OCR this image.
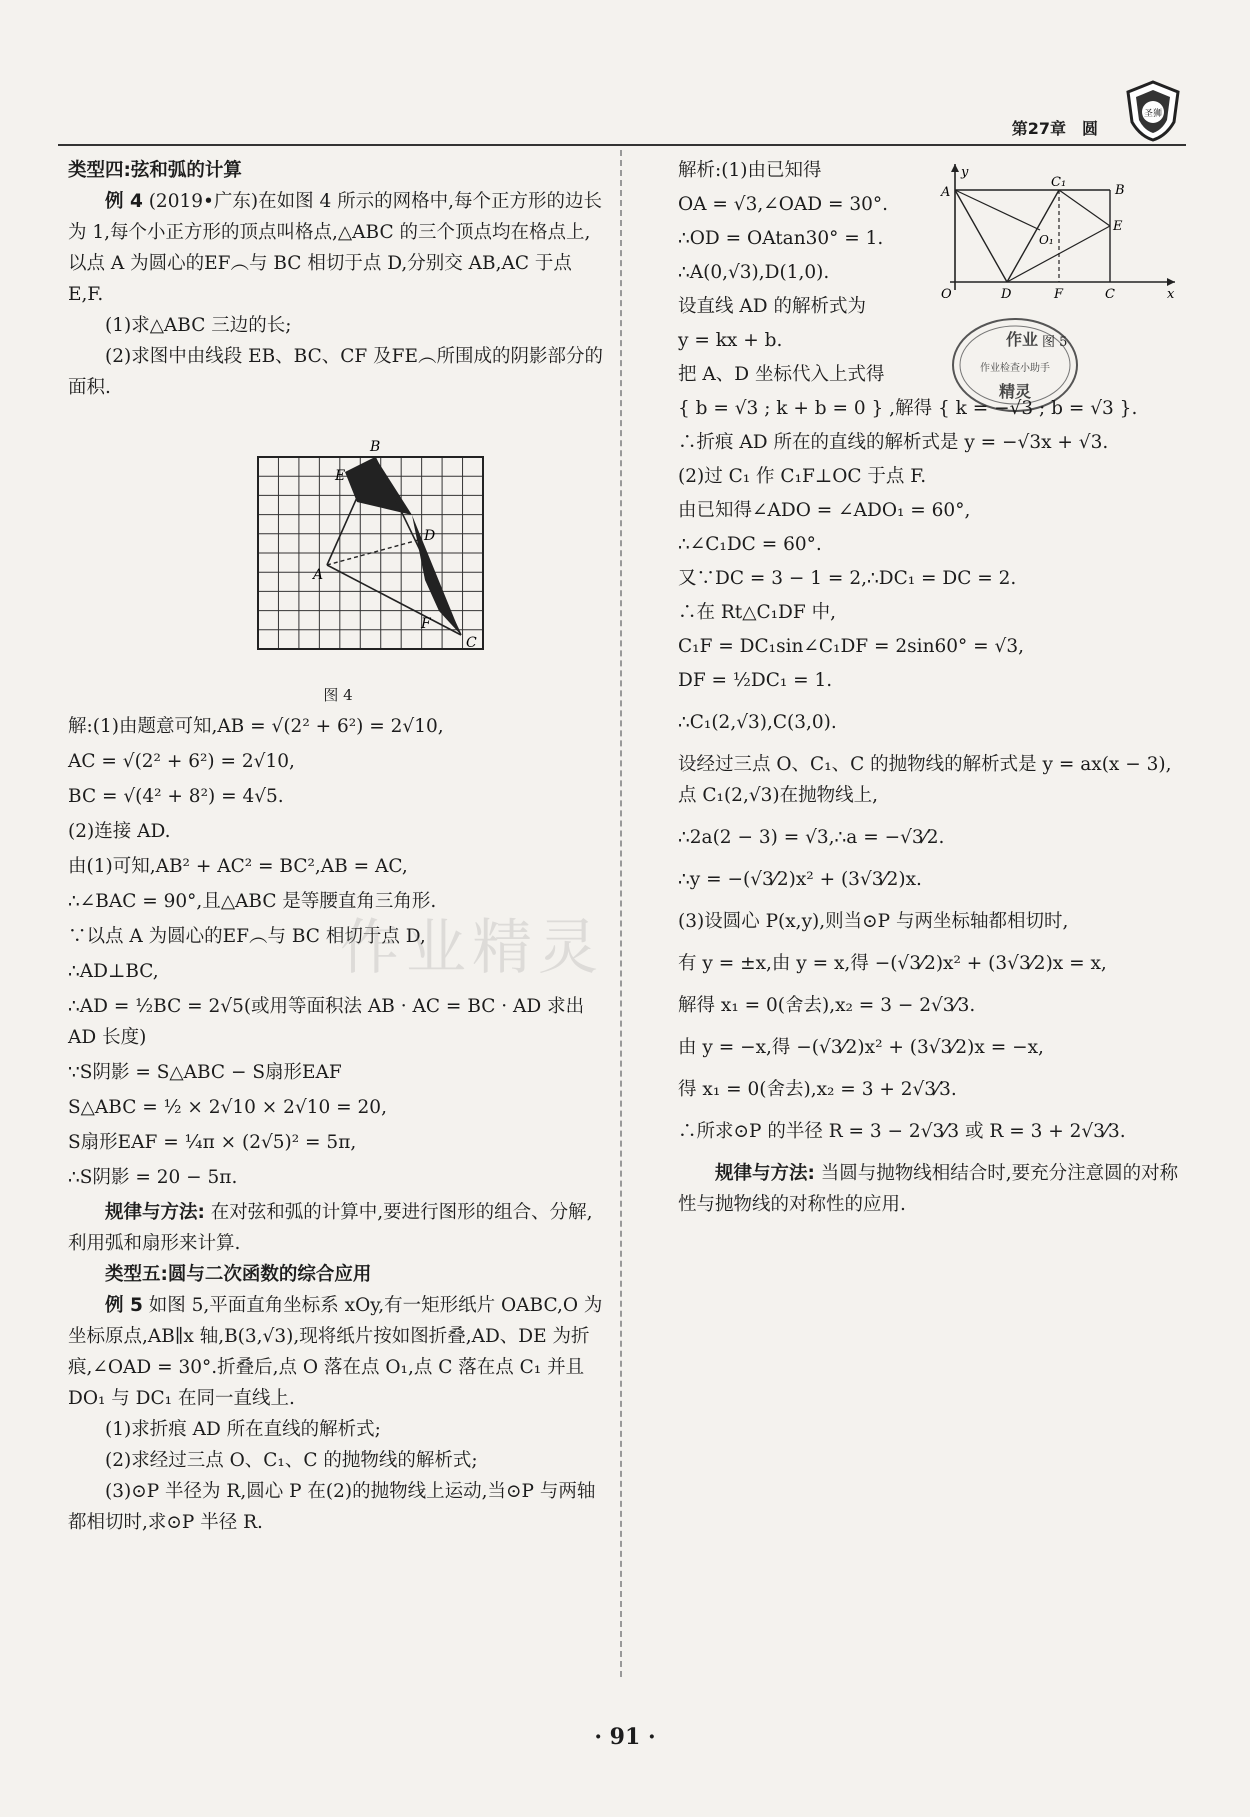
第27章　圆
圣狮

类型四:弦和弧的计算

例 4 (2019•广东)在如图 4 所示的网格中,每个正方形的边长为 1,每个小正方形的顶点叫格点,△ABC 的三个顶点均在格点上,以点 A 为圆心的EF︵与 BC 相切于点 D,分别交 AB,AC 于点 E,F.

(1)求△ABC 三边的长;

(2)求图中由线段 EB、BC、CF 及FE︵所围成的阴影部分的面积.

B
E
D
A
F
C

图 4

解:(1)由题意可知,AB = √(2² + 6²) = 2√10,

AC = √(2² + 6²) = 2√10,

BC = √(4² + 8²) = 4√5.

(2)连接 AD.

由(1)可知,AB² + AC² = BC²,AB = AC,

∴∠BAC = 90°,且△ABC 是等腰直角三角形.

∵以点 A 为圆心的EF︵与 BC 相切于点 D,

∴AD⊥BC,

∴AD = ½BC = 2√5(或用等面积法 AB · AC = BC · AD 求出 AD 长度)

∵S阴影 = S△ABC − S扇形EAF

S△ABC = ½ × 2√10 × 2√10 = 20,

S扇形EAF = ¼π × (2√5)² = 5π,

∴S阴影 = 20 − 5π.

规律与方法: 在对弦和弧的计算中,要进行图形的组合、分解,利用弧和扇形来计算.

类型五:圆与二次函数的综合应用

例 5 如图 5,平面直角坐标系 xOy,有一矩形纸片 OABC,O 为坐标原点,AB∥x 轴,B(3,√3),现将纸片按如图折叠,AD、DE 为折痕,∠OAD = 30°.折叠后,点 O 落在点 O₁,点 C 落在点 C₁ 并且 DO₁ 与 DC₁ 在同一直线上.

(1)求折痕 AD 所在直线的解析式;

(2)求经过三点 O、C₁、C 的抛物线的解析式;

(3)⊙P 半径为 R,圆心 P 在(2)的抛物线上运动,当⊙P 与两轴都相切时,求⊙P 半径 R.

y
A
C₁
B
E
O₁
O	D	F	C	x
作业 图 5
作业检查小助手
精灵

解析:(1)由已知得

OA = √3,∠OAD = 30°.

∴OD = OAtan30° = 1.

∴A(0,√3),D(1,0).

设直线 AD 的解析式为

y = kx + b.

把 A、D 坐标代入上式得

{ b = √3 ; k + b = 0 } ,解得 { k = −√3 ; b = √3 }.

∴折痕 AD 所在的直线的解析式是 y = −√3x + √3.

(2)过 C₁ 作 C₁F⊥OC 于点 F.

由已知得∠ADO = ∠ADO₁ = 60°,

∴∠C₁DC = 60°.

又∵DC = 3 − 1 = 2,∴DC₁ = DC = 2.

∴在 Rt△C₁DF 中,

C₁F = DC₁sin∠C₁DF = 2sin60° = √3,

DF = ½DC₁ = 1.

∴C₁(2,√3),C(3,0).

设经过三点 O、C₁、C 的抛物线的解析式是 y = ax(x − 3),点 C₁(2,√3)在抛物线上,

∴2a(2 − 3) = √3,∴a = −√3⁄2.

∴y = −(√3⁄2)x² + (3√3⁄2)x.

(3)设圆心 P(x,y),则当⊙P 与两坐标轴都相切时,

有 y = ±x,由 y = x,得 −(√3⁄2)x² + (3√3⁄2)x = x,

解得 x₁ = 0(舍去),x₂ = 3 − 2√3⁄3.

由 y = −x,得 −(√3⁄2)x² + (3√3⁄2)x = −x,

得 x₁ = 0(舍去),x₂ = 3 + 2√3⁄3.

∴所求⊙P 的半径 R = 3 − 2√3⁄3 或 R = 3 + 2√3⁄3.

规律与方法: 当圆与抛物线相结合时,要充分注意圆的对称性与抛物线的对称性的应用.

作业精灵
· 91 ·
